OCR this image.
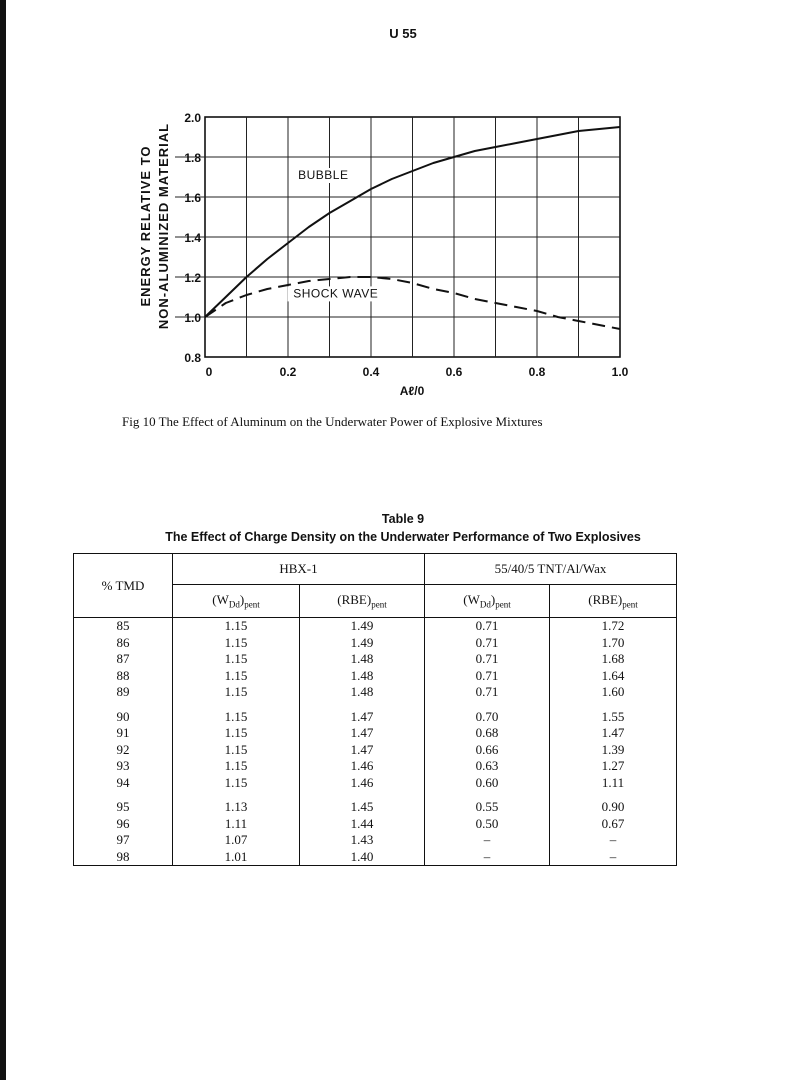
U 55
0	0.2	0.4	0.6	0.8	1.0
0.8
1.0
1.2
1.4
1.6
1.8
2.0
Aℓ/0
ENERGY RELATIVE TO NON-ALUMINIZED MATERIAL	BUBBLE
SHOCK WAVE
Fig 10 The Effect of Aluminum on the Underwater Power of Explosive Mixtures
Table 9
The Effect of Charge Density on the Underwater Performance of Two Explosives
% TMD	HBX-1		55/40/5 TNT/Al/Wax	
	$(W_{Dd})_{pent}$	$(RBE)_{pent}$	$(W_{Dd})_{pent}$	$(RBE)_{pent}$
85	1.15	1.49	0.71	1.72
86	1.15	1.49	0.71	1.70
87	1.15	1.48	0.71	1.68
88	1.15	1.48	0.71	1.64
89	1.15	1.48	0.71	1.60

90	1.15	1.47	0.70	1.55
91	1.15	1.47	0.68	1.47
92	1.15	1.47	0.66	1.39
93	1.15	1.46	0.63	1.27
94	1.15	1.46	0.60	1.11

95	1.13	1.45	0.55	0.90
96	1.11	1.44	0.50	0.67
97	1.07	1.43	–	–
98	1.01	1.40	–	–
